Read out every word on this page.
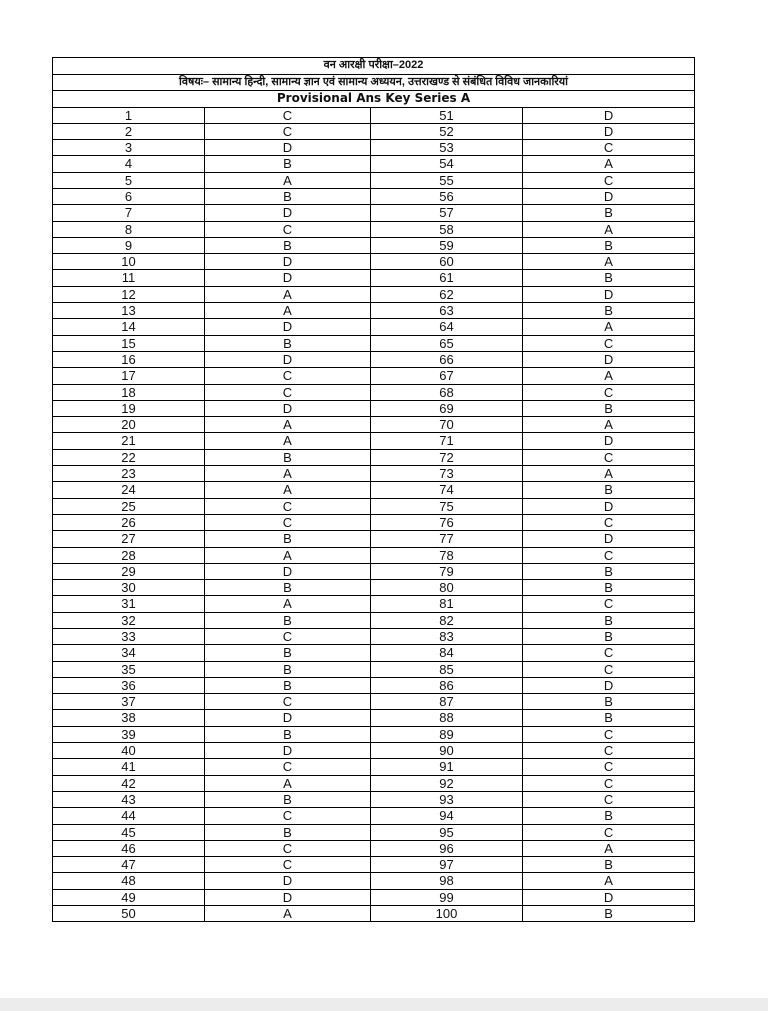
वन आरक्षी परीक्षा–2022			
विषयः– सामान्य हिन्दी, सामान्य ज्ञान एवं सामान्य अध्ययन, उत्तराखण्ड से संबंधित विविध जानकारियां			
Provisional Ans Key Series A			
1	C	51	D
2	C	52	D
3	D	53	C
4	B	54	A
5	A	55	C
6	B	56	D
7	D	57	B
8	C	58	A
9	B	59	B
10	D	60	A
11	D	61	B
12	A	62	D
13	A	63	B
14	D	64	A
15	B	65	C
16	D	66	D
17	C	67	A
18	C	68	C
19	D	69	B
20	A	70	A
21	A	71	D
22	B	72	C
23	A	73	A
24	A	74	B
25	C	75	D
26	C	76	C
27	B	77	D
28	A	78	C
29	D	79	B
30	B	80	B
31	A	81	C
32	B	82	B
33	C	83	B
34	B	84	C
35	B	85	C
36	B	86	D
37	C	87	B
38	D	88	B
39	B	89	C
40	D	90	C
41	C	91	C
42	A	92	C
43	B	93	C
44	C	94	B
45	B	95	C
46	C	96	A
47	C	97	B
48	D	98	A
49	D	99	D
50	A	100	B
